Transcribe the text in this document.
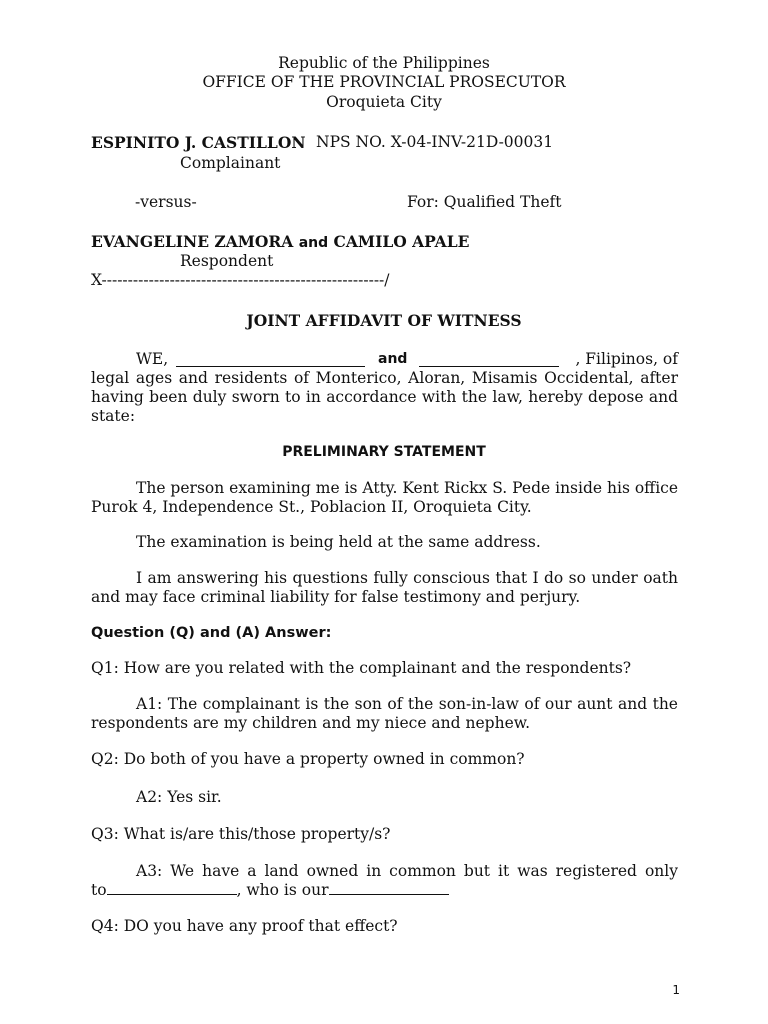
Republic of the Philippines
OFFICE OF THE PROVINCIAL PROSECUTOR
Oroquieta City
ESPINITO J. CASTILLON NPS NO. X-04-INV-21D-00031
Complainant
-versus-	For: Qualified Theft
EVANGELINE ZAMORA and CAMILO APALE
Respondent
X------------------------------------------------------/
JOINT AFFIDAVIT OF WITNESS
WE,	and	, Filipinos, of
legal ages and residents of Monterico, Aloran, Misamis Occidental, after having been duly sworn to in accordance with the law, hereby depose and state:
PRELIMINARY STATEMENT
The person examining me is Atty. Kent Rickx S. Pede inside his office Purok 4, Independence St., Poblacion II, Oroquieta City.
The examination is being held at the same address.
I am answering his questions fully conscious that I do so under oath and may face criminal liability for false testimony and perjury.
Question (Q) and (A) Answer:
Q1: How are you related with the complainant and the respondents?
A1: The complainant is the son of the son-in-law of our aunt and the respondents are my children and my niece and nephew.
Q2: Do both of you have a property owned in common?
A2: Yes sir.
Q3: What is/are this/those property/s?
A3: We have a land owned in common but it was registered only
to	, who is our
Q4: DO you have any proof that effect?
1
